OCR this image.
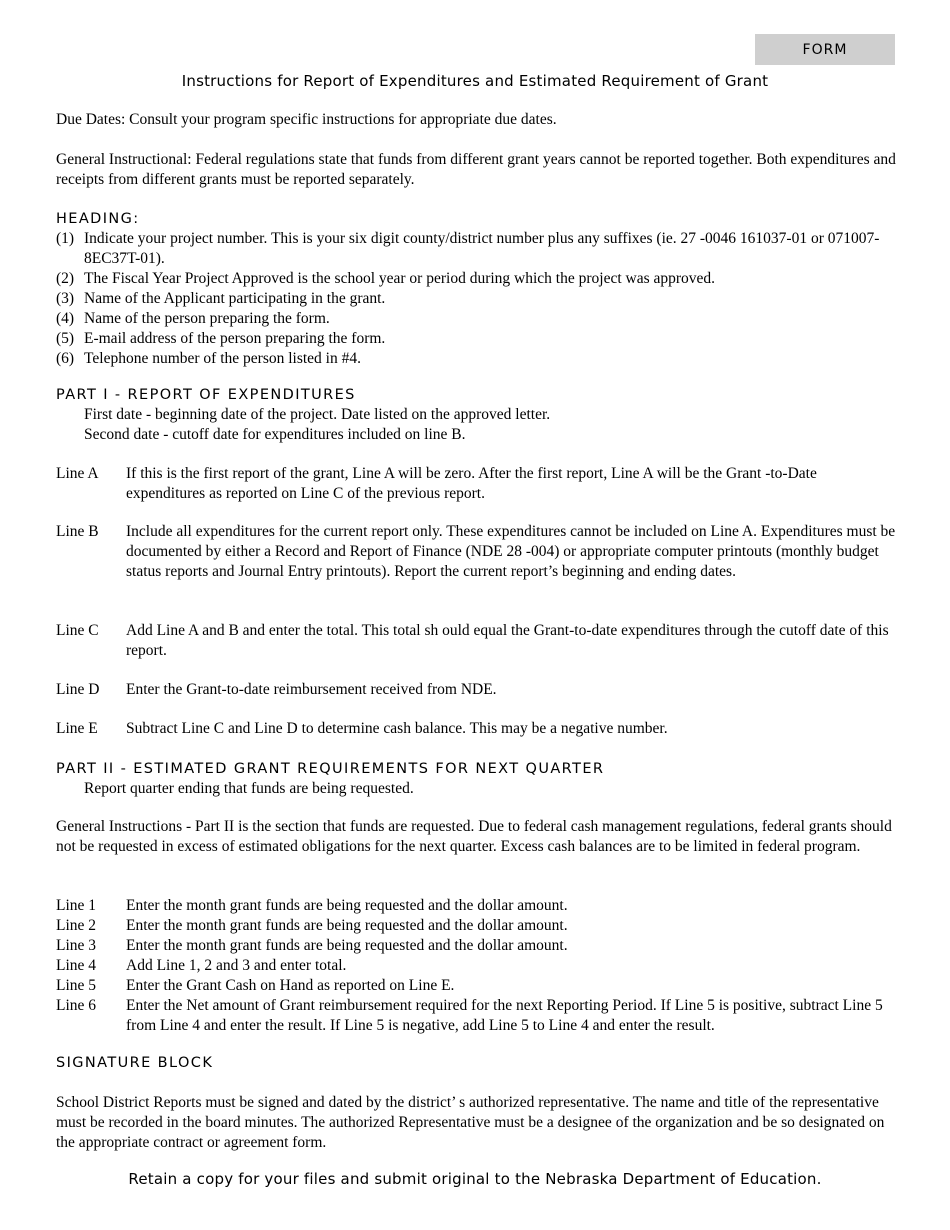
FORM
Instructions for Report of Expenditures and Estimated Requirement of Grant

Due Dates: Consult your program specific instructions for appropriate due dates.

General Instructional: Federal regulations state that funds from different grant years cannot be reported together. Both expenditures and receipts from different grants must be reported separately.

HEADING:

(1) Indicate your project number. This is your six digit county/district number plus any suffixes (ie. 27 -0046 161037-01 or 071007-8EC37T-01).
(2) The Fiscal Year Project Approved is the school year or period during which the project was approved.
(3) Name of the Applicant participating in the grant.
(4) Name of the person preparing the form.
(5) E-mail address of the person preparing the form.
(6) Telephone number of the person listed in #4.

PART I - REPORT OF EXPENDITURES

First date - beginning date of the project. Date listed on the approved letter.

Second date - cutoff date for expenditures included on line B.

Line A	If this is the first report of the grant, Line A will be zero. After the first report, Line A will be the Grant -to-Date expenditures as reported on Line C of the previous report.
Line B	Include all expenditures for the current report only. These expenditures cannot be included on Line A. Expenditures must be documented by either a Record and Report of Finance (NDE 28 -004) or appropriate computer printouts (monthly budget status reports and Journal Entry printouts). Report the current report’s beginning and ending dates.
Line C	Add Line A and B and enter the total. This total sh ould equal the Grant-to-date expenditures through the cutoff date of this report.
Line D	Enter the Grant-to-date reimbursement received from NDE.
Line E	Subtract Line C and Line D to determine cash balance. This may be a negative number.

PART II - ESTIMATED GRANT REQUIREMENTS FOR NEXT QUARTER

Report quarter ending that funds are being requested.

General Instructions - Part II is the section that funds are requested. Due to federal cash management regulations, federal grants should not be requested in excess of estimated obligations for the next quarter. Excess cash balances are to be limited in federal program.

Line 1	Enter the month grant funds are being requested and the dollar amount.
Line 2	Enter the month grant funds are being requested and the dollar amount.
Line 3	Enter the month grant funds are being requested and the dollar amount.
Line 4	Add Line 1, 2 and 3 and enter total.
Line 5	Enter the Grant Cash on Hand as reported on Line E.
Line 6	Enter the Net amount of Grant reimbursement required for the next Reporting Period. If Line 5 is positive, subtract Line 5 from Line 4 and enter the result. If Line 5 is negative, add Line 5 to Line 4 and enter the result.

SIGNATURE BLOCK

School District Reports must be signed and dated by the district’ s authorized representative. The name and title of the representative must be recorded in the board minutes. The authorized Representative must be a designee of the organization and be so designated on the appropriate contract or agreement form.

Retain a copy for your files and submit original to the Nebraska Department of Education.
